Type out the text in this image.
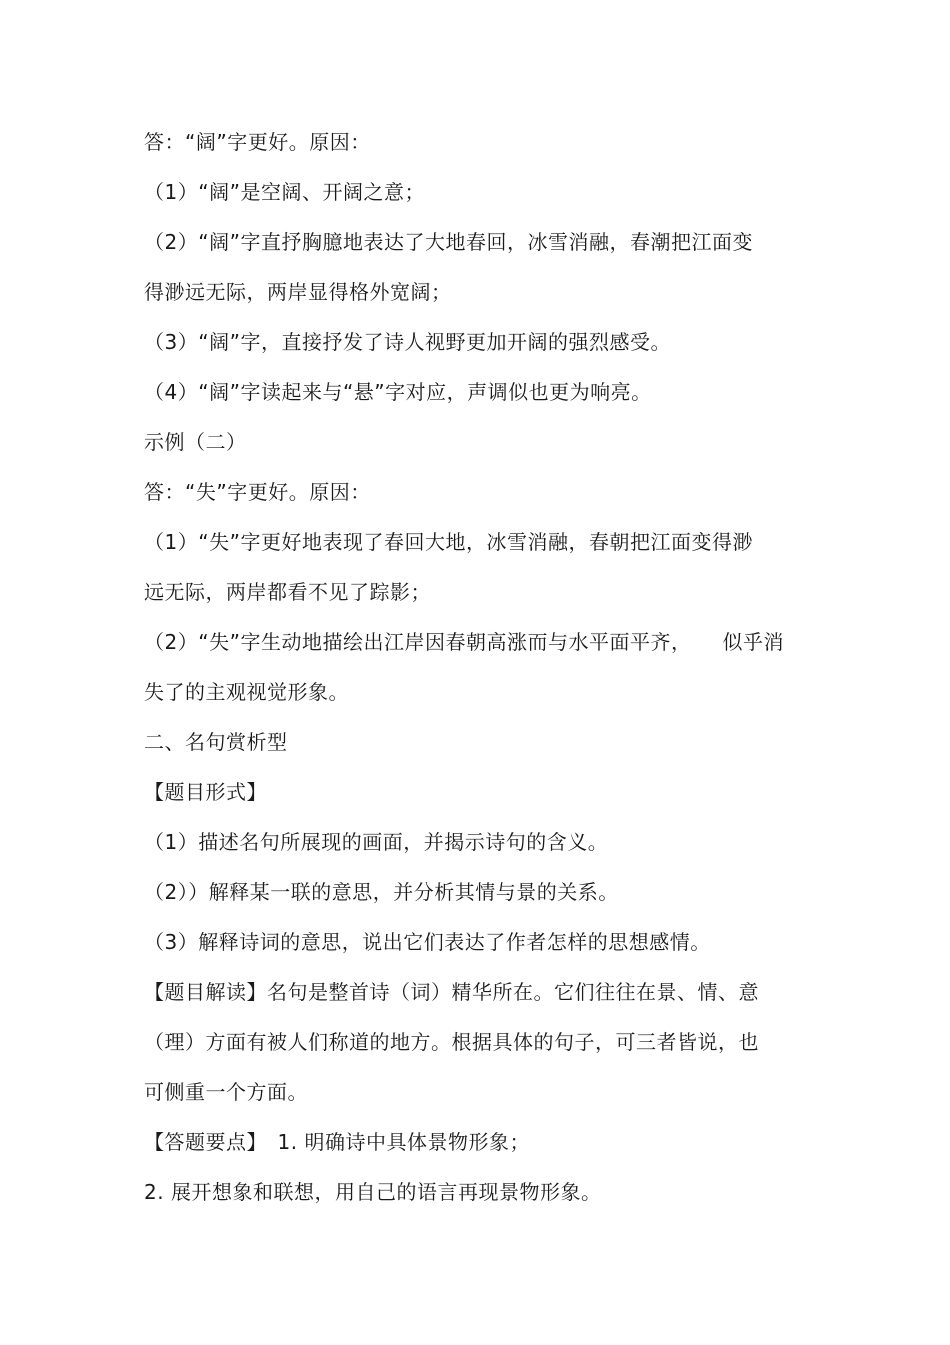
答：“阔”字更好。原因：
（1）“阔”是空阔、开阔之意；
（2）“阔”字直抒胸臆地表达了大地春回，冰雪消融，春潮把江面变
得渺远无际，两岸显得格外宽阔；
（3）“阔”字，直接抒发了诗人视野更加开阔的强烈感受。
（4）“阔”字读起来与“悬”字对应，声调似也更为响亮。
示例（二）
答：“失”字更好。原因：
（1）“失”字更好地表现了春回大地，冰雪消融，春朝把江面变得渺
远无际，两岸都看不见了踪影；
（2）“失”字生动地描绘出江岸因春朝高涨而与水平面平齐，　　似乎消
失了的主观视觉形象。
二、名句赏析型
【题目形式】
（1）描述名句所展现的画面，并揭示诗句的含义。
（2））解释某一联的意思，并分析其情与景的关系。
（3）解释诗词的意思，说出它们表达了作者怎样的思想感情。
【题目解读】名句是整首诗（词）精华所在。它们往往在景、情、意
（理）方面有被人们称道的地方。根据具体的句子，可三者皆说，也
可侧重一个方面。
【答题要点】　1. 明确诗中具体景物形象；
2. 展开想象和联想，用自己的语言再现景物形象。
